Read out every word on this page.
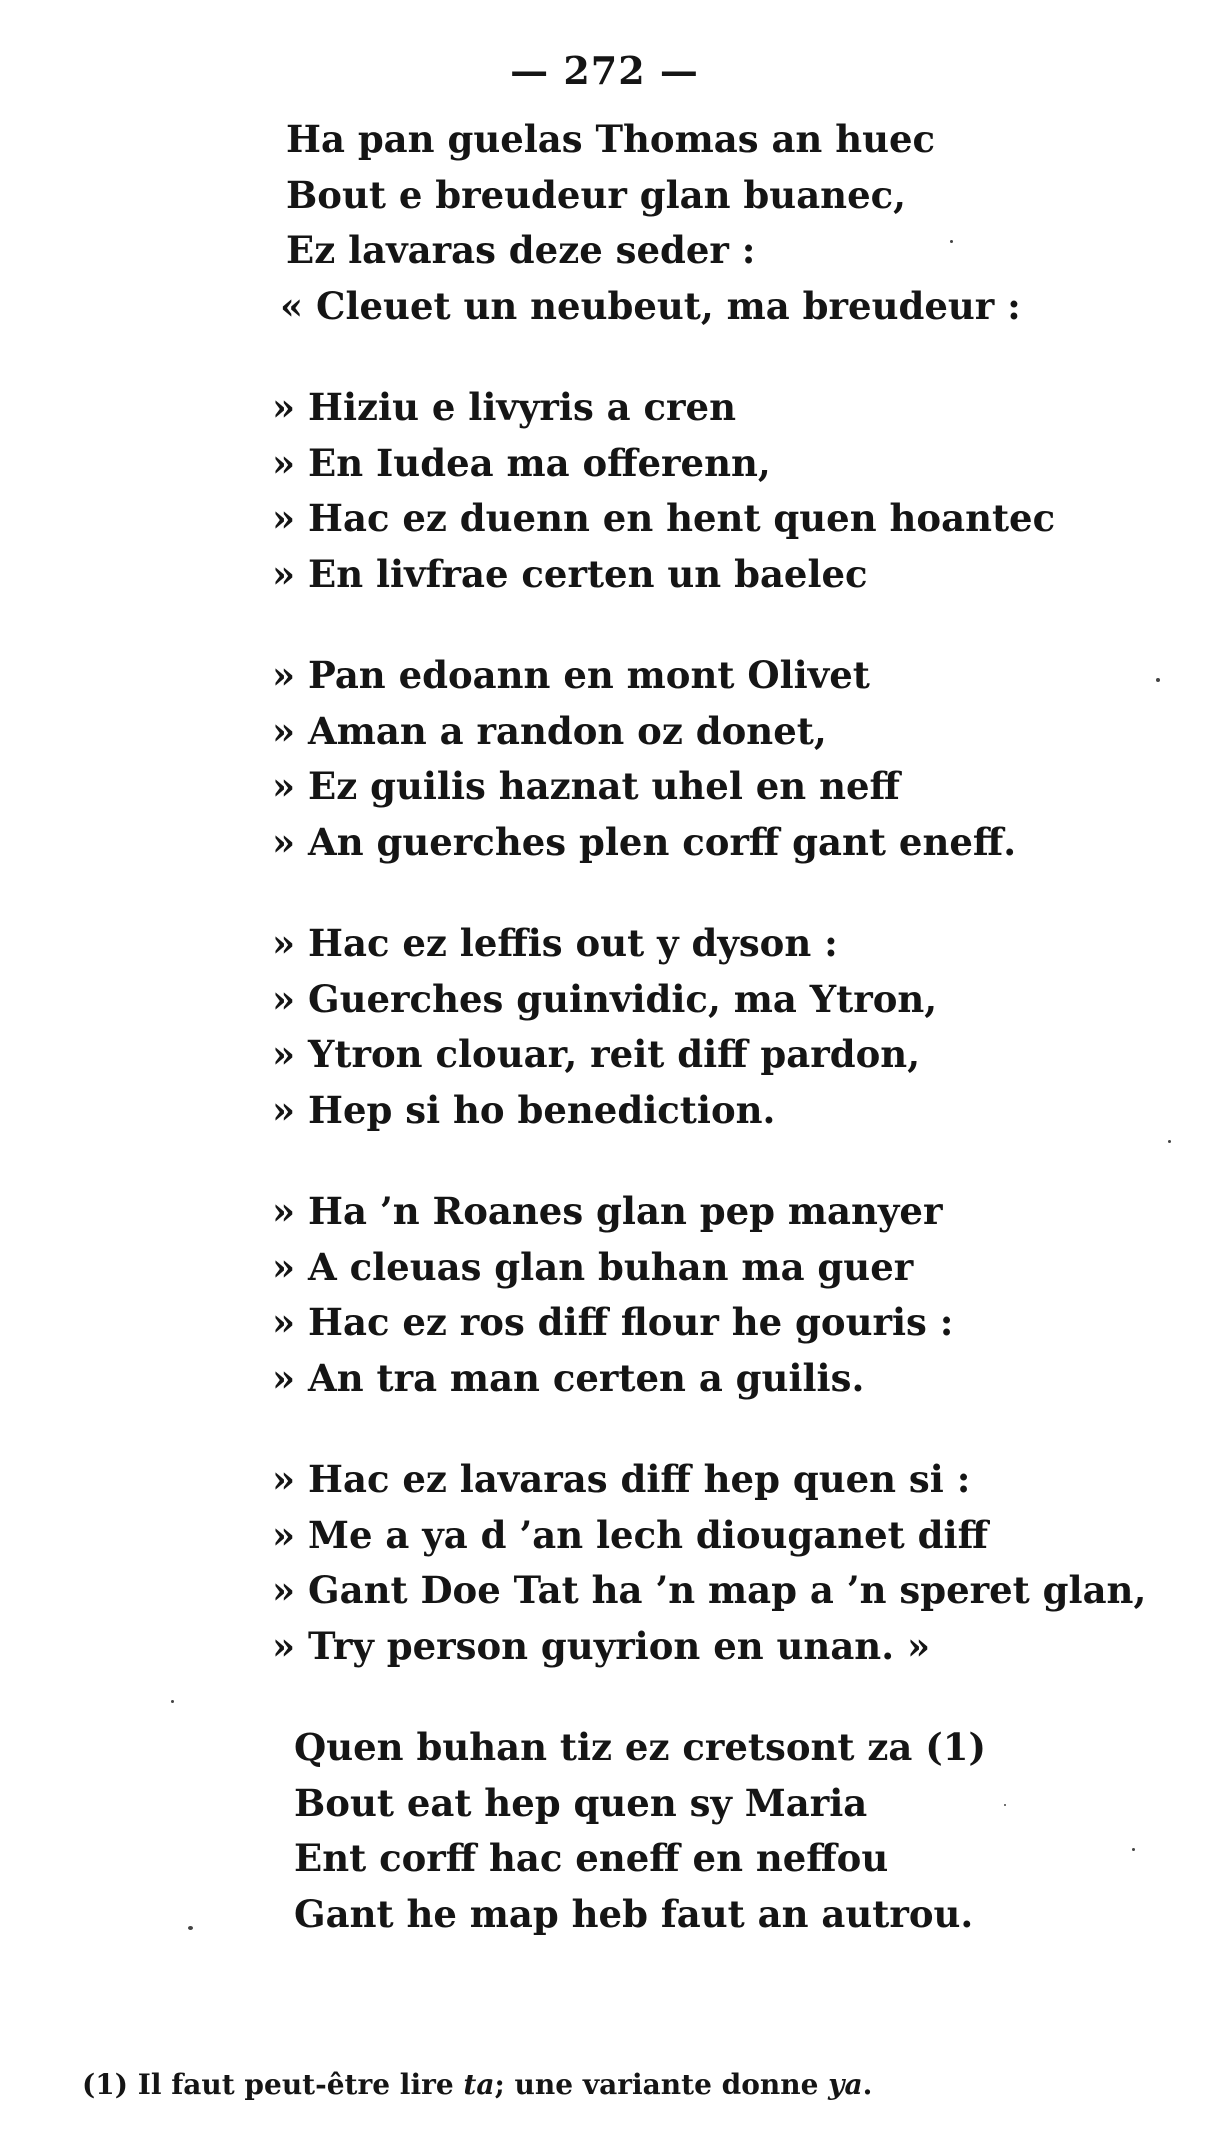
— 272 —
Ha pan guelas Thomas an huec
Bout e breudeur glan buanec,
Ez lavaras deze seder :
« Cleuet un neubeut, ma breudeur :
» Hiziu e livyris a cren
» En Iudea ma offerenn,
» Hac ez duenn en hent quen hoantec
» En livfrae certen un baelec
» Pan edoann en mont Olivet
» Aman a randon oz donet,
» Ez guilis haznat uhel en neff
» An guerches plen corff gant eneff.
» Hac ez leffis out y dyson :
» Guerches guinvidic, ma Ytron,
» Ytron clouar, reit diff pardon,
» Hep si ho benediction.
» Ha ’n Roanes glan pep manyer
» A cleuas glan buhan ma guer
» Hac ez ros diff flour he gouris :
» An tra man certen a guilis.
» Hac ez lavaras diff hep quen si :
» Me a ya d ’an lech diouganet diff
» Gant Doe Tat ha ’n map a ’n speret glan,
» Try person guyrion en unan. »
Quen buhan tiz ez cretsont za (1)
Bout eat hep quen sy Maria
Ent corff hac eneff en neffou
Gant he map heb faut an autrou.
(1) Il faut peut-être lire ta; une variante donne ya.
